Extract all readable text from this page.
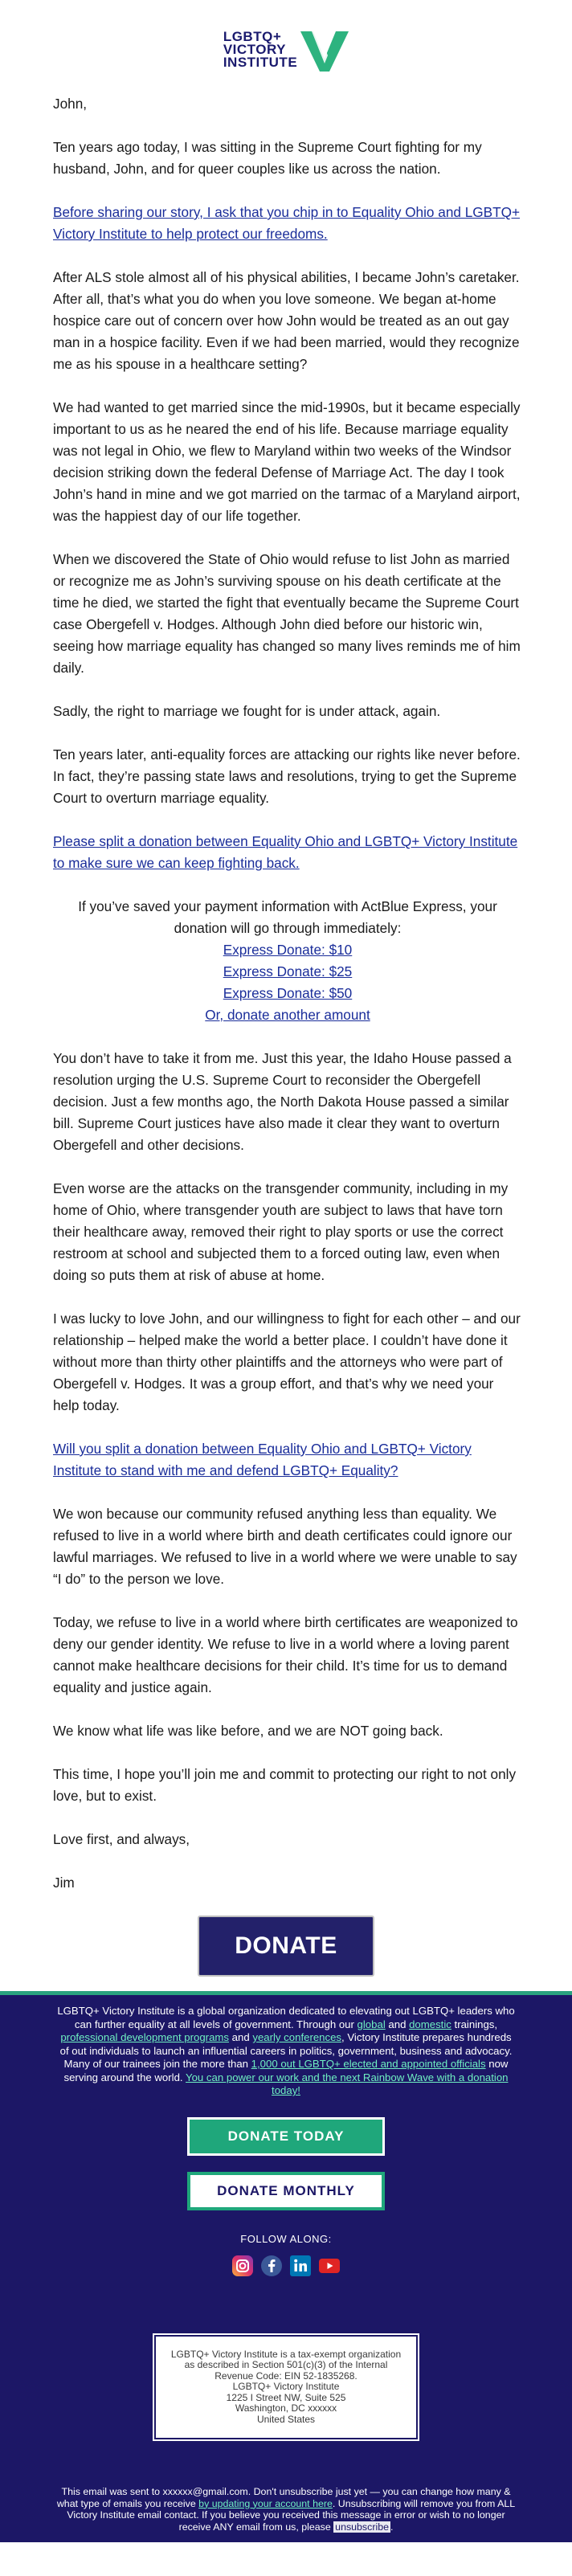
LGBTQ+
VICTORY
INSTITUTE

John,

Ten years ago today, I was sitting in the Supreme Court fighting for my husband, John, and for queer couples like us across the nation.

Before sharing our story, I ask that you chip in to Equality Ohio and LGBTQ+ Victory Institute to help protect our freedoms.

After ALS stole almost all of his physical abilities, I became John’s caretaker. After all, that’s what you do when you love someone. We began at-home hospice care out of concern over how John would be treated as an out gay man in a hospice facility. Even if we had been married, would they recognize me as his spouse in a healthcare setting?

We had wanted to get married since the mid-1990s, but it became especially important to us as he neared the end of his life. Because marriage equality was not legal in Ohio, we flew to Maryland within two weeks of the Windsor decision striking down the federal Defense of Marriage Act. The day I took John’s hand in mine and we got married on the tarmac of a Maryland airport, was the happiest day of our life together.

When we discovered the State of Ohio would refuse to list John as married or recognize me as John’s surviving spouse on his death certificate at the time he died, we started the fight that eventually became the Supreme Court case Obergefell v. Hodges. Although John died before our historic win, seeing how marriage equality has changed so many lives reminds me of him daily.

Sadly, the right to marriage we fought for is under attack, again.

Ten years later, anti-equality forces are attacking our rights like never before. In fact, they’re passing state laws and resolutions, trying to get the Supreme Court to overturn marriage equality.

Please split a donation between Equality Ohio and LGBTQ+ Victory Institute to make sure we can keep fighting back.

If you’ve saved your payment information with ActBlue Express, your donation will go through immediately:
Express Donate: $10
Express Donate: $25
Express Donate: $50
Or, donate another amount

You don’t have to take it from me. Just this year, the Idaho House passed a resolution urging the U.S. Supreme Court to reconsider the Obergefell decision. Just a few months ago, the North Dakota House passed a similar bill. Supreme Court justices have also made it clear they want to overturn Obergefell and other decisions.

Even worse are the attacks on the transgender community, including in my home of Ohio, where transgender youth are subject to laws that have torn their healthcare away, removed their right to play sports or use the correct restroom at school and subjected them to a forced outing law, even when doing so puts them at risk of abuse at home.

I was lucky to love John, and our willingness to fight for each other – and our relationship – helped make the world a better place. I couldn’t have done it without more than thirty other plaintiffs and the attorneys who were part of Obergefell v. Hodges. It was a group effort, and that’s why we need your help today.

Will you split a donation between Equality Ohio and LGBTQ+ Victory Institute to stand with me and defend LGBTQ+ Equality?

We won because our community refused anything less than equality. We refused to live in a world where birth and death certificates could ignore our lawful marriages. We refused to live in a world where we were unable to say “I do” to the person we love.

Today, we refuse to live in a world where birth certificates are weaponized to deny our gender identity. We refuse to live in a world where a loving parent cannot make healthcare decisions for their child. It’s time for us to demand equality and justice again.

We know what life was like before, and we are NOT going back.

This time, I hope you’ll join me and commit to protecting our right to not only love, but to exist.

Love first, and always,

Jim

DONATE
LGBTQ+ Victory Institute is a global organization dedicated to elevating out LGBTQ+ leaders who can further equality at all levels of government. Through our global and domestic trainings, professional development programs and yearly conferences, Victory Institute prepares hundreds of out individuals to launch an influential careers in politics, government, business and advocacy. Many of our trainees join the more than 1,000 out LGBTQ+ elected and appointed officials now serving around the world. You can power our work and the next Rainbow Wave with a donation today!
DONATE TODAY
DONATE MONTHLY
FOLLOW ALONG:
LGBTQ+ Victory Institute is a tax-exempt organization as described in Section 501(c)(3) of the Internal Revenue Code: EIN 52-1835268.
LGBTQ+ Victory Institute
1225 I Street NW, Suite 525
Washington, DC xxxxxx
United States
This email was sent to xxxxxx@gmail.com. Don't unsubscribe just yet — you can change how many & what type of emails you receive by updating your account here. Unsubscribing will remove you from ALL Victory Institute email contact. If you believe you received this message in error or wish to no longer receive ANY email from us, please unsubscribe .
